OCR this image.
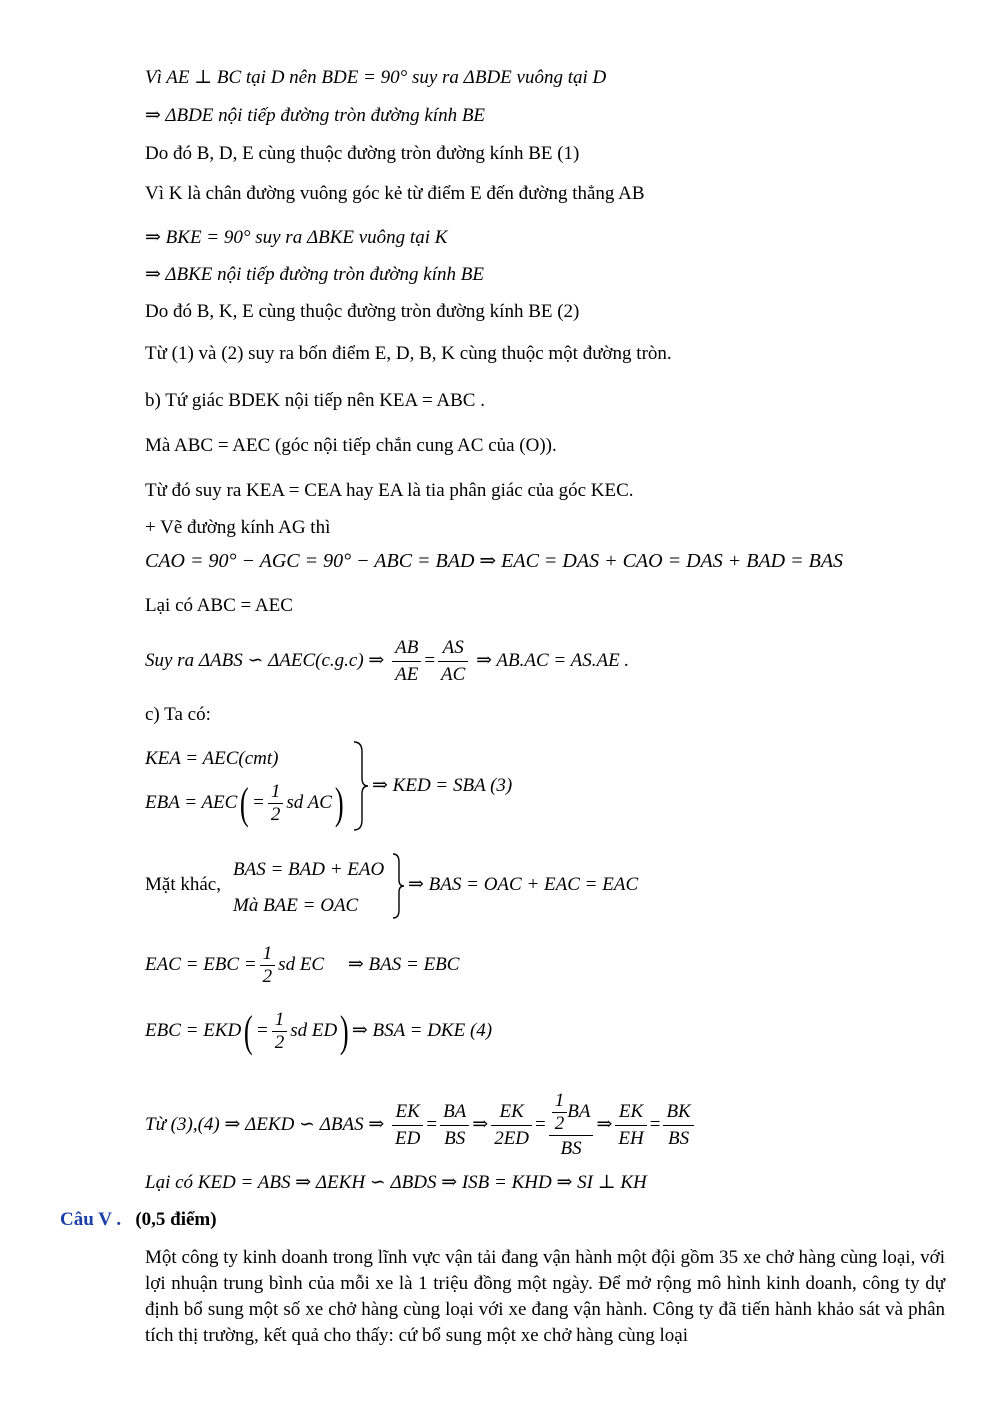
Vì AE ⊥ BC tại D nên BDE = 90° suy ra ΔBDE vuông tại D
⇒ ΔBDE nội tiếp đường tròn đường kính BE
Do đó B, D, E cùng thuộc đường tròn đường kính BE (1)
Vì K là chân đường vuông góc kẻ từ điểm E đến đường thẳng AB
⇒ BKE = 90° suy ra ΔBKE vuông tại K
⇒ ΔBKE nội tiếp đường tròn đường kính BE
Do đó B, K, E cùng thuộc đường tròn đường kính BE (2)
Từ (1) và (2) suy ra bốn điểm E, D, B, K cùng thuộc một đường tròn.
b) Tứ giác BDEK nội tiếp nên KEA = ABC .
Mà ABC = AEC (góc nội tiếp chắn cung AC của (O)).
Từ đó suy ra KEA = CEA hay EA là tia phân giác của góc KEC.
+ Vẽ đường kính AG thì
CAO = 90° − AGC = 90° − ABC = BAD ⇒ EAC = DAS + CAO = DAS + BAD = BAS
Lại có ABC = AEC
Suy ra ΔABS ∽ ΔAEC(c.g.c) ⇒ $\frac{AB}{AE} = \frac{AS}{AC}$ ⇒ AB.AC = AS.AE .
c) Ta có:
KEA = AEC(cmt)
EBA = $AEC( = \frac{1}{2}$ sd AC) ⇒ KED = SBA (3)
Mặt khác,
BAS = BAD + EAO
Mà BAE = OAC
⇒ BAS = OAC + EAC = EAC
EAC = EBC = $\frac{1}{2}$ sd EC ⇒ BAS = EBC
EBC = $EKD( = \frac{1}{2}$ sd ED) ⇒ BSA = DKE (4)
Từ (3),(4) ⇒ ΔEKD ∽ ΔBAS ⇒ $\frac{EK}{ED} = \frac{BA}{BS}$ ⇒ $\frac{EK}{2ED} = \frac{\frac{1}{2} BA}{BS}$ ⇒ $\frac{EK}{EH} = \frac{BK}{BS}$
Lại có KED = ABS ⇒ ΔEKH ∽ ΔBDS ⇒ ISB = KHD ⇒ SI ⊥ KH
Câu V . (0,5 điểm)
Một công ty kinh doanh trong lĩnh vực vận tải đang vận hành một đội gồm 35 xe chở hàng cùng loại, với lợi nhuận trung bình của mỗi xe là 1 triệu đồng một ngày. Để mở rộng mô hình kinh doanh, công ty dự định bổ sung một số xe chở hàng cùng loại với xe đang vận hành. Công ty đã tiến hành khảo sát và phân tích thị trường, kết quả cho thấy: cứ bổ sung một xe chở hàng cùng loại
